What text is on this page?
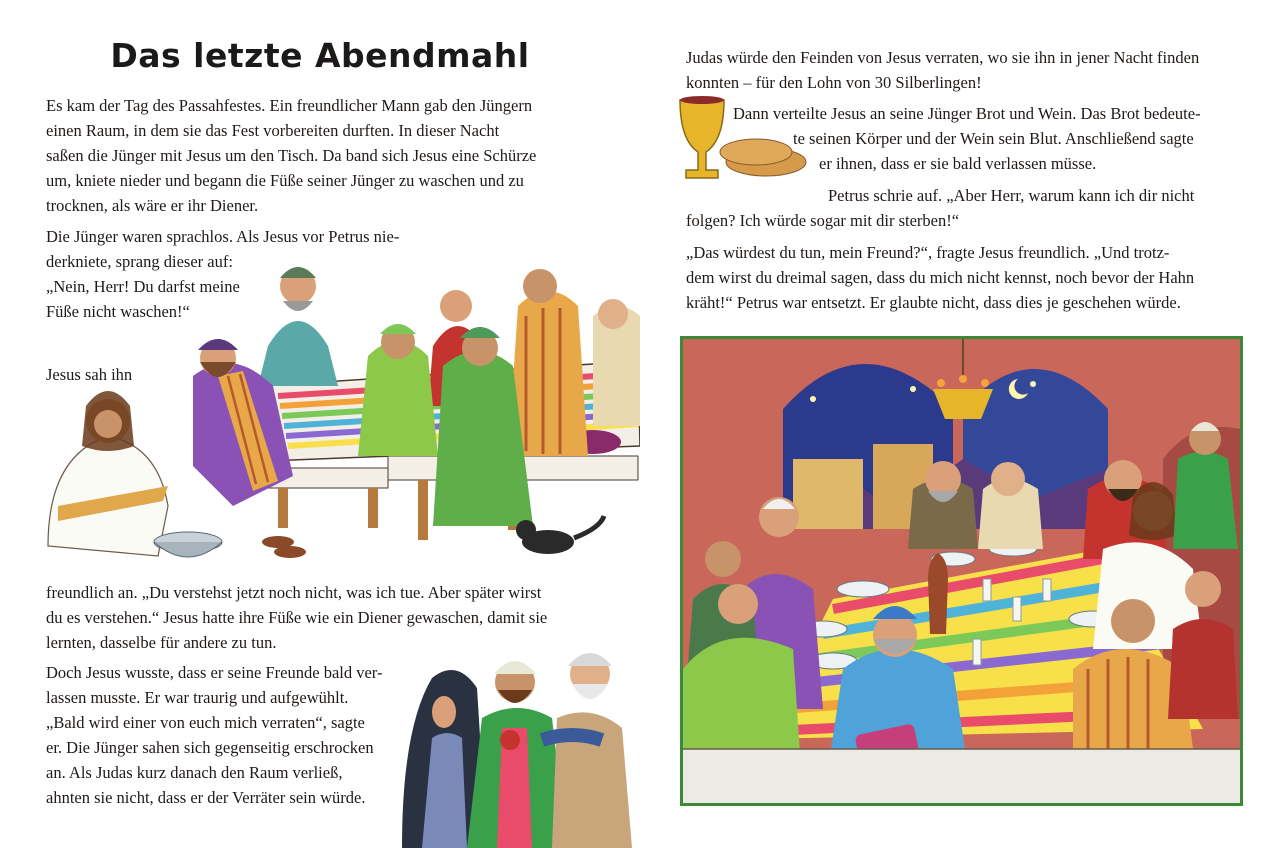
Das letzte Abendmahl
Es kam der Tag des Passahfestes. Ein freundlicher Mann gab den Jüngern
einen Raum, in dem sie das Fest vorbereiten durften. In dieser Nacht
saßen die Jünger mit Jesus um den Tisch. Da band sich Jesus eine Schürze
um, kniete nieder und begann die Füße seiner Jünger zu waschen und zu
trocknen, als wäre er ihr Diener.
Die Jünger waren sprachlos. Als Jesus vor Petrus nie-
derkniete, sprang dieser auf:
„Nein, Herr! Du darfst meine
Füße nicht waschen!“
Jesus sah ihn
freundlich an. „Du verstehst jetzt noch nicht, was ich tue. Aber später wirst
du es verstehen.“ Jesus hatte ihre Füße wie ein Diener gewaschen, damit sie
lernten, dasselbe für andere zu tun.
Doch Jesus wusste, dass er seine Freunde bald ver-
lassen musste. Er war traurig und aufgewühlt.
„Bald wird einer von euch mich verraten“, sagte
er. Die Jünger sahen sich gegenseitig erschrocken
an. Als Judas kurz danach den Raum verließ,
ahnten sie nicht, dass er der Verräter sein würde.
Judas würde den Feinden von Jesus verraten, wo sie ihn in jener Nacht finden
konnten – für den Lohn von 30 Silberlingen!
Dann verteilte Jesus an seine Jünger Brot und Wein. Das Brot bedeute-
te seinen Körper und der Wein sein Blut. Anschließend sagte
er ihnen, dass er sie bald verlassen müsse.
Petrus schrie auf. „Aber Herr, warum kann ich dir nicht
folgen? Ich würde sogar mit dir sterben!“
„Das würdest du tun, mein Freund?“, fragte Jesus freundlich. „Und trotz-
dem wirst du dreimal sagen, dass du mich nicht kennst, noch bevor der Hahn
kräht!“ Petrus war entsetzt. Er glaubte nicht, dass dies je geschehen würde.
